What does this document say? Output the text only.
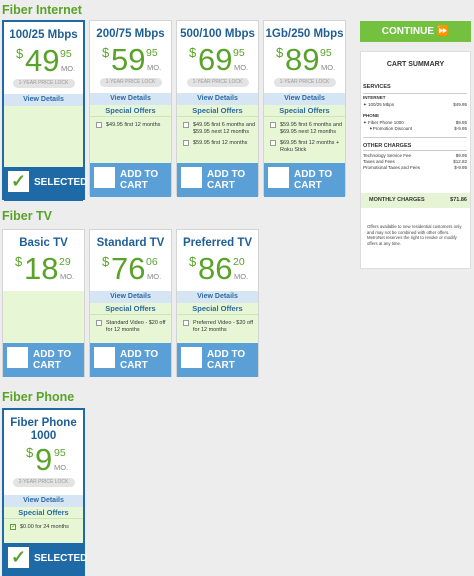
Fiber Internet
100/25 Mbps
$ 49 95
MO.
1-YEAR PRICE LOCK
View Details
✓ SELECTED
200/75 Mbps
$ 59 95
MO.
1-YEAR PRICE LOCK
View Details
Special Offers
$49.95 first 12 months
ADD TO
CART
500/100 Mbps
$ 69 95
MO.
1-YEAR PRICE LOCK
View Details
Special Offers
$49.95 first 6 months and $59.95 next 12 months
$59.95 first 12 months
ADD TO
CART
1Gb/250 Mbps
$ 89 95
MO.
1-YEAR PRICE LOCK
View Details
Special Offers
$59.95 first 6 months and $69.95 next 12 months
$69.95 first 12 months + Roku Stick
ADD TO
CART
CONTINUE ⏩
CART SUMMARY
SERVICES
INTERNET
✦ 100/25 Mbps	$49.95
PHONE
✦ Fiber Phone 1000	$9.95
✦Promotion Discount	$-9.95
OTHER CHARGES
Technology Service Fee	$9.95
Taxes and Fees	$12.82
Promotional Taxes and Fees	$-9.95
MONTHLY CHARGES	$71.86
Offers available to new residential customers only and may not be combined with other offers. MetroNet reserves the right to revoke or modify offers at any time.
Fiber TV
Basic TV
$ 18 29
MO.
ADD TO
CART
Standard TV
$ 76 06
MO.
View Details
Special Offers
Standard Video - $20 off for 12 months
ADD TO
CART
Preferred TV
$ 86 20
MO.
View Details
Special Offers
Preferred Video - $20 off for 12 months
ADD TO
CART
Fiber Phone
Fiber Phone 1000
$ 9 95
MO.
2-YEAR PRICE LOCK
View Details
Special Offers
✓ $0.00 for 24 months
✓ SELECTED
